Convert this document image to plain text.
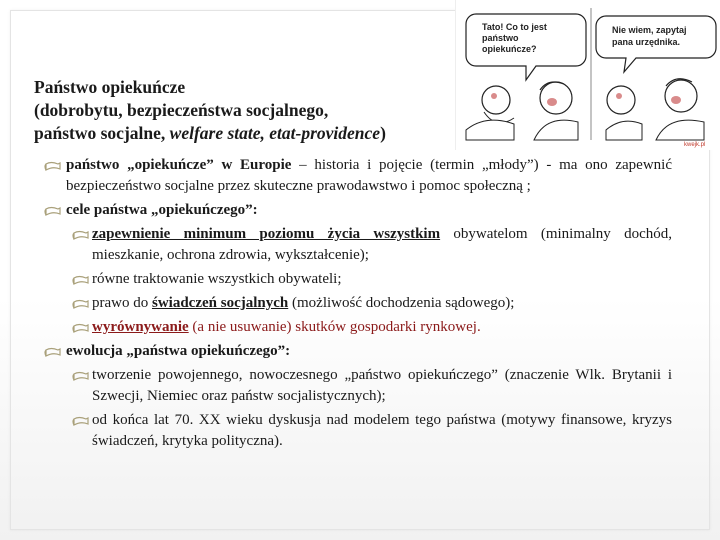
Tato! Co to jest
państwo
opiekuńcze?
Nie wiem, zapytaj
pana urzędnika.
kwejk.pl
Państwo opiekuńcze
(dobrobytu, bezpieczeństwa socjalnego,
państwo socjalne, welfare state, etat-providence)
państwo „opiekuńcze” w Europie – historia i pojęcie (termin „młody”) - ma ono zapewnić bezpieczeństwo socjalne przez skuteczne prawodawstwo i pomoc społeczną ;
cele państwa „opiekuńczego”:
zapewnienie minimum poziomu życia wszystkim obywatelom (minimalny dochód, mieszkanie, ochrona zdrowia, wykształcenie);
równe traktowanie wszystkich obywateli;
prawo do świadczeń socjalnych (możliwość dochodzenia sądowego);
wyrównywanie (a nie usuwanie) skutków gospodarki rynkowej.
ewolucja „państwa opiekuńczego”:
tworzenie powojennego, nowoczesnego „państwo opiekuńczego” (znaczenie Wlk. Brytanii i Szwecji, Niemiec oraz państw socjalistycznych);
od końca lat 70. XX wieku dyskusja nad modelem tego państwa (motywy finansowe, kryzys świadczeń, krytyka polityczna).
